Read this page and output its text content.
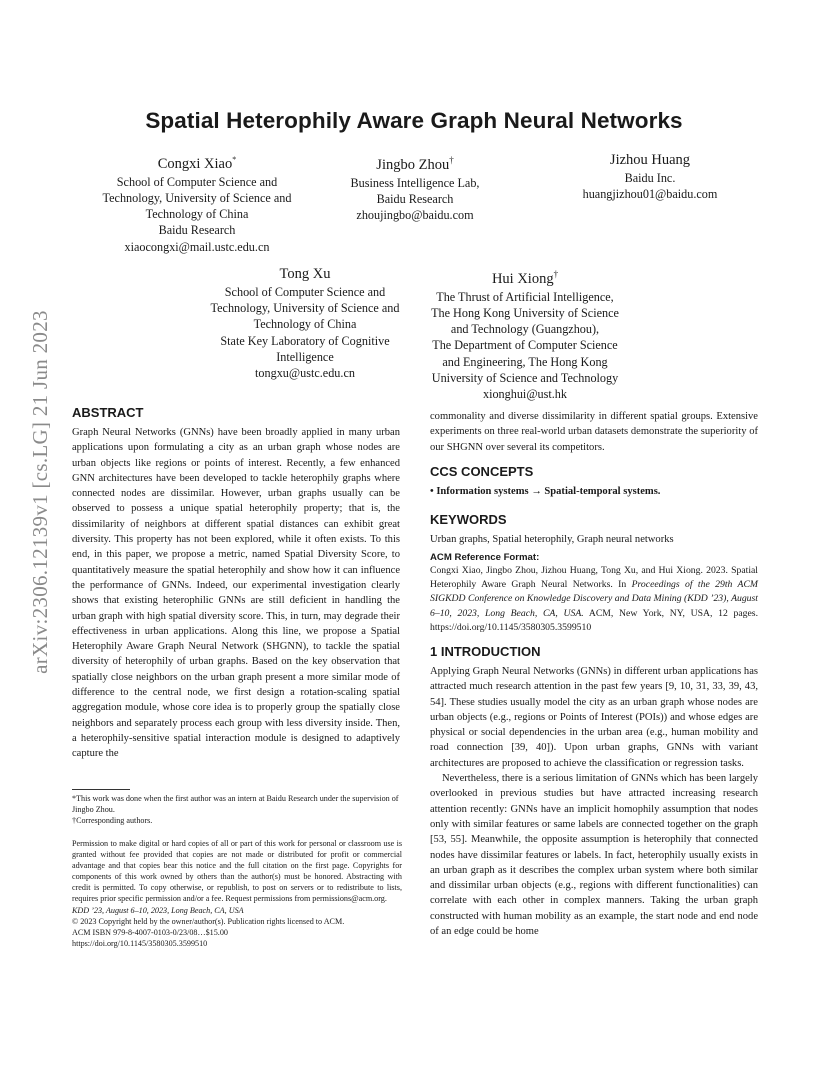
Spatial Heterophily Aware Graph Neural Networks
arXiv:2306.12139v1 [cs.LG] 21 Jun 2023
Congxi Xiao*
School of Computer Science and
Technology, University of Science and
Technology of China
Baidu Research
xiaocongxi@mail.ustc.edu.cn
Jingbo Zhou†
Business Intelligence Lab,
Baidu Research
zhoujingbo@baidu.com
Jizhou Huang
Baidu Inc.
huangjizhou01@baidu.com
Tong Xu
School of Computer Science and
Technology, University of Science and
Technology of China
State Key Laboratory of Cognitive
Intelligence
tongxu@ustc.edu.cn
Hui Xiong†
The Thrust of Artificial Intelligence,
The Hong Kong University of Science
and Technology (Guangzhou),
The Department of Computer Science
and Engineering, The Hong Kong
University of Science and Technology
xionghui@ust.hk
ABSTRACT

Graph Neural Networks (GNNs) have been broadly applied in many urban applications upon formulating a city as an urban graph whose nodes are urban objects like regions or points of interest. Recently, a few enhanced GNN architectures have been developed to tackle heterophily graphs where connected nodes are dissimilar. However, urban graphs usually can be observed to possess a unique spatial heterophily property; that is, the dissimilarity of neighbors at different spatial distances can exhibit great diversity. This property has not been explored, while it often exists. To this end, in this paper, we propose a metric, named Spatial Diversity Score, to quantitatively measure the spatial heterophily and show how it can influence the performance of GNNs. Indeed, our experimental investigation clearly shows that existing heterophilic GNNs are still deficient in handling the urban graph with high spatial diversity score. This, in turn, may degrade their effectiveness in urban applications. Along this line, we propose a Spatial Heterophily Aware Graph Neural Network (SHGNN), to tackle the spatial diversity of heterophily of urban graphs. Based on the key observation that spatially close neighbors on the urban graph present a more similar mode of difference to the central node, we first design a rotation-scaling spatial aggregation module, whose core idea is to properly group the spatially close neighbors and separately process each group with less diversity inside. Then, a heterophily-sensitive spatial interaction module is designed to adaptively capture the

*This work was done when the first author was an intern at Baidu Research under the supervision of Jingbo Zhou.
†Corresponding authors.
Permission to make digital or hard copies of all or part of this work for personal or classroom use is granted without fee provided that copies are not made or distributed for profit or commercial advantage and that copies bear this notice and the full citation on the first page. Copyrights for components of this work owned by others than the author(s) must be honored. Abstracting with credit is permitted. To copy otherwise, or republish, to post on servers or to redistribute to lists, requires prior specific permission and/or a fee. Request permissions from permissions@acm.org.
KDD ’23, August 6–10, 2023, Long Beach, CA, USA
© 2023 Copyright held by the owner/author(s). Publication rights licensed to ACM.
ACM ISBN 979-8-4007-0103-0/23/08…$15.00
https://doi.org/10.1145/3580305.3599510

commonality and diverse dissimilarity in different spatial groups. Extensive experiments on three real-world urban datasets demonstrate the superiority of our SHGNN over several its competitors.

CCS CONCEPTS
• Information systems → Spatial-temporal systems.
KEYWORDS
Urban graphs, Spatial heterophily, Graph neural networks
ACM Reference Format:
Congxi Xiao, Jingbo Zhou, Jizhou Huang, Tong Xu, and Hui Xiong. 2023. Spatial Heterophily Aware Graph Neural Networks. In Proceedings of the 29th ACM SIGKDD Conference on Knowledge Discovery and Data Mining (KDD ’23), August 6–10, 2023, Long Beach, CA, USA. ACM, New York, NY, USA, 12 pages. https://doi.org/10.1145/3580305.3599510
1 INTRODUCTION

Applying Graph Neural Networks (GNNs) in different urban applications has attracted much research attention in the past few years [9, 10, 31, 33, 39, 43, 54]. These studies usually model the city as an urban graph whose nodes are urban objects (e.g., regions or Points of Interest (POIs)) and whose edges are physical or social dependencies in the urban area (e.g., human mobility and road connection [39, 40]). Upon urban graphs, GNNs with variant architectures are proposed to achieve the classification or regression tasks.

Nevertheless, there is a serious limitation of GNNs which has been largely overlooked in previous studies but have attracted increasing research attention recently: GNNs have an implicit homophily assumption that nodes only with similar features or same labels are connected together on the graph [53, 55]. Meanwhile, the opposite assumption is heterophily that connected nodes have dissimilar features or labels. In fact, heterophily usually exists in an urban graph as it describes the complex urban system where both similar and dissimilar urban objects (e.g., regions with different functionalities) can correlate with each other in complex manners. Taking the urban graph constructed with human mobility as an example, the start node and end node of an edge could be home
